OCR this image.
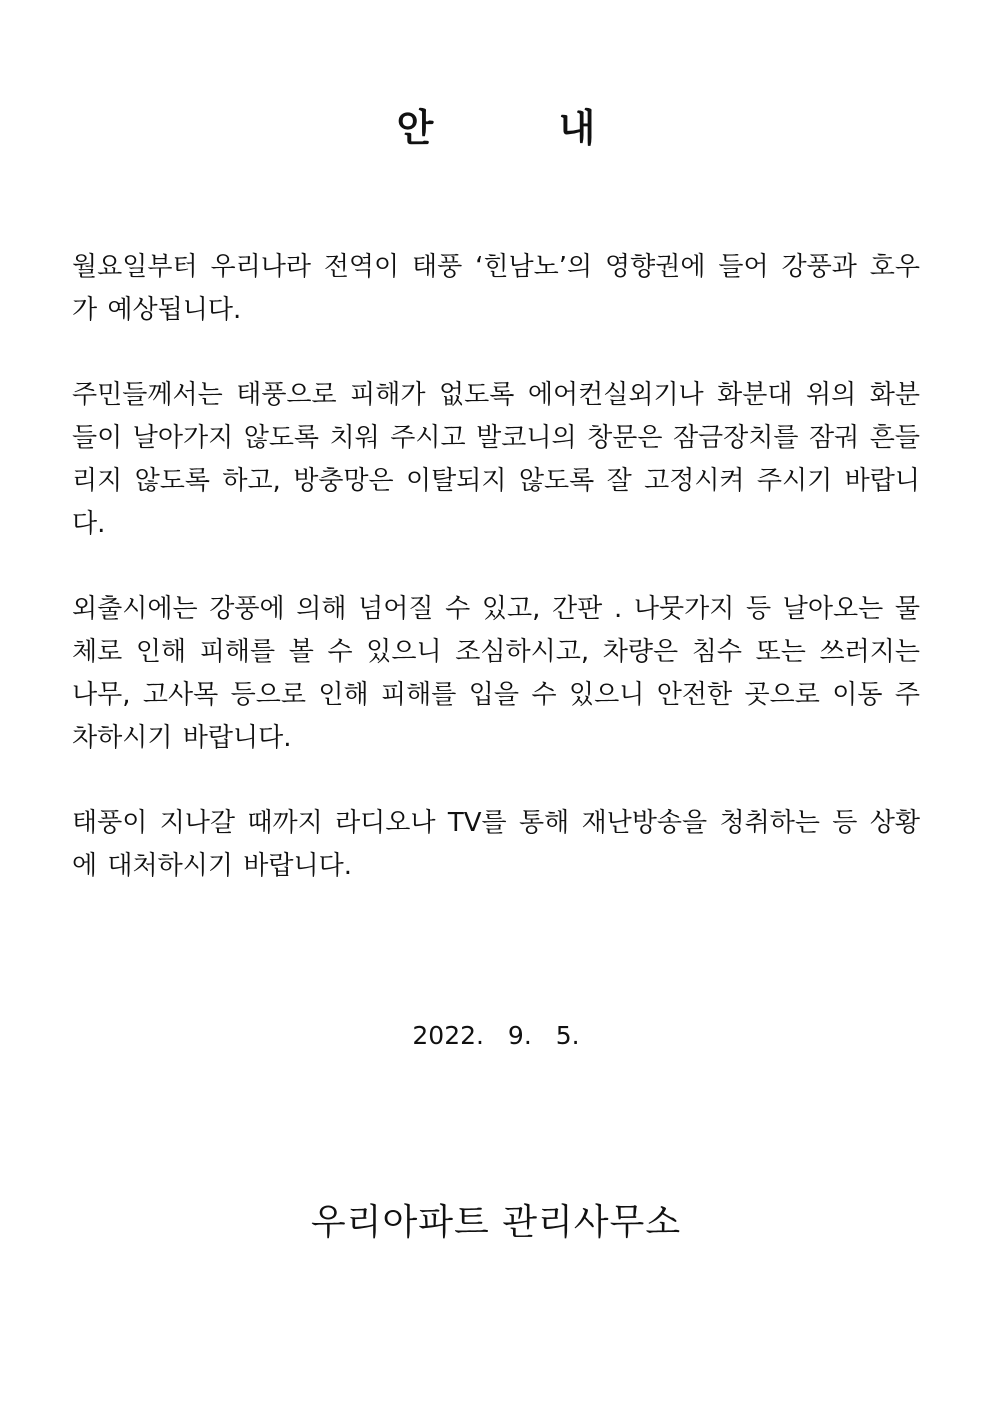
안 내
월요일부터 우리나라 전역이 태풍 ‘힌남노’의 영향권에 들어 강풍과 호우가 예상됩니다.
주민들께서는 태풍으로 피해가 없도록 에어컨실외기나 화분대 위의 화분들이 날아가지 않도록 치워 주시고 발코니의 창문은 잠금장치를 잠궈 흔들리지 않도록 하고, 방충망은 이탈되지 않도록 잘 고정시켜 주시기 바랍니다.
외출시에는 강풍에 의해 넘어질 수 있고, 간판 . 나뭇가지 등 날아오는 물체로 인해 피해를 볼 수 있으니 조심하시고, 차량은 침수 또는 쓰러지는 나무, 고사목 등으로 인해 피해를 입을 수 있으니 안전한 곳으로 이동 주차하시기 바랍니다.
태풍이 지나갈 때까지 라디오나 TV를 통해 재난방송을 청취하는 등 상황에 대처하시기 바랍니다.
2022. 9. 5.
우리아파트 관리사무소
